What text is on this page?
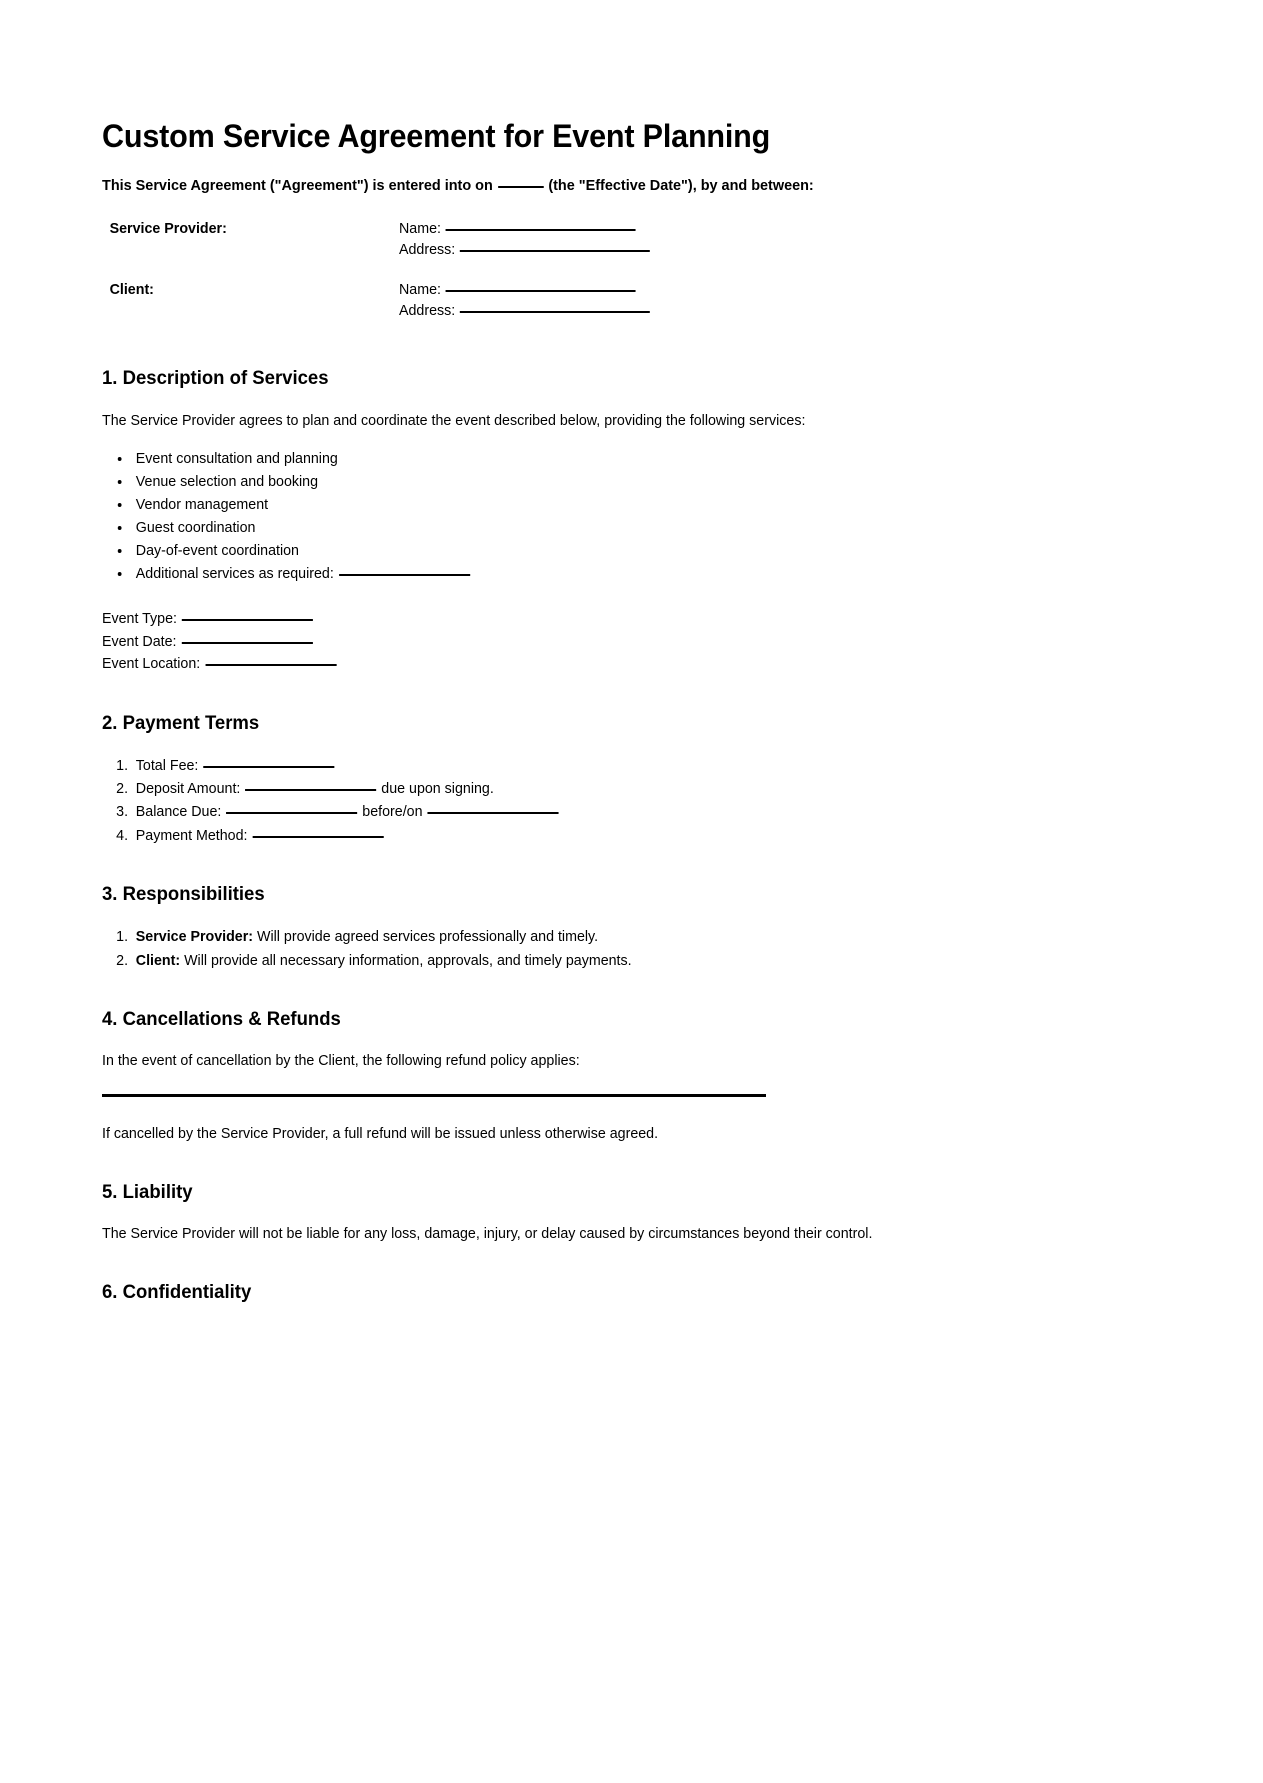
Custom Service Agreement for Event Planning

This Service Agreement ("Agreement") is entered into on	(the "Effective Date"), by and between:

Service Provider:	Name:
Address:
Client:	Name:
Address:
1. Description of Services

The Service Provider agrees to plan and coordinate the event described below, providing the following services:

• Event consultation and planning
• Venue selection and booking
• Vendor management
• Guest coordination
• Day-of-event coordination
• Additional services as required:
Event Type:
Event Date:
Event Location:
2. Payment Terms
1. Total Fee:
2. Deposit Amount:	due upon signing.
3. Balance Due:	before/on
4. Payment Method:
3. Responsibilities
1. Service Provider: Will provide agreed services professionally and timely.
2. Client: Will provide all necessary information, approvals, and timely payments.
4. Cancellations & Refunds

In the event of cancellation by the Client, the following refund policy applies:

If cancelled by the Service Provider, a full refund will be issued unless otherwise agreed.

5. Liability

The Service Provider will not be liable for any loss, damage, injury, or delay caused by circumstances beyond their control.

6. Confidentiality
